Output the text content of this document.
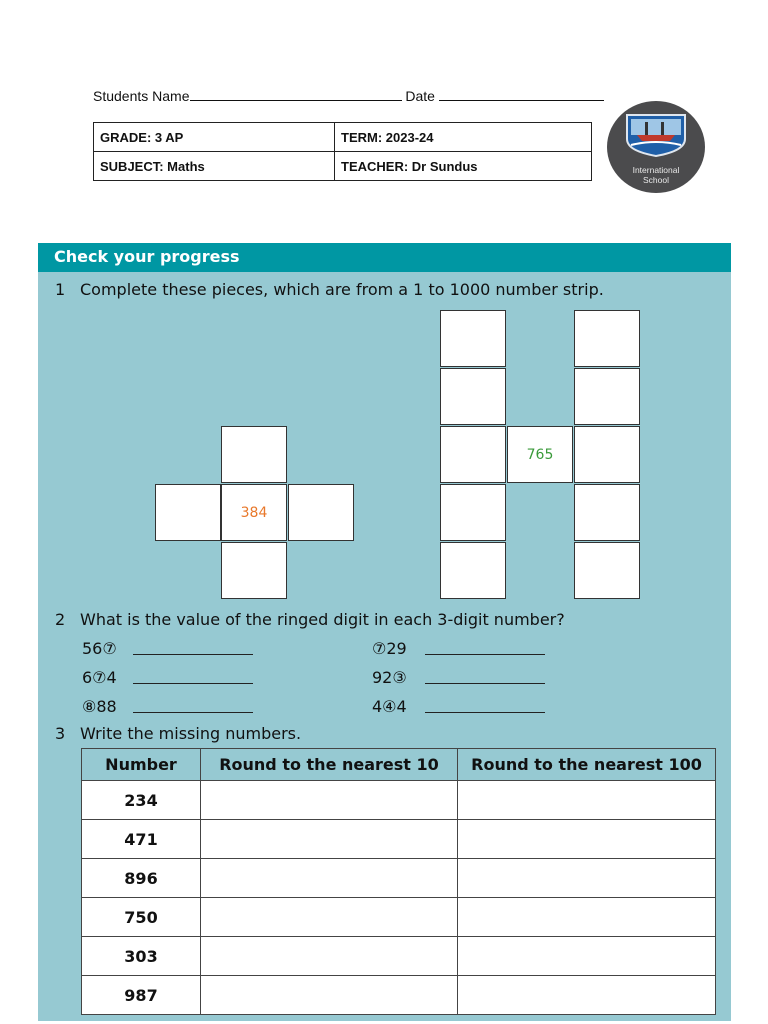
Students Name	Date
GRADE: 3 AP	TERM: 2023-24
SUBJECT: Maths	TEACHER: Dr Sundus	International
School
Check your progress
1 Complete these pieces, which are from a 1 to 1000 number strip.
384
765
2 What is the value of the ringed digit in each 3-digit number?
56⑦	⑦29
6⑦4	92③
⑧88	4④4
3 Write the missing numbers.
Number	Round to the nearest 10	Round to the nearest 100
234		
471		
896		
750		
303		
987		
